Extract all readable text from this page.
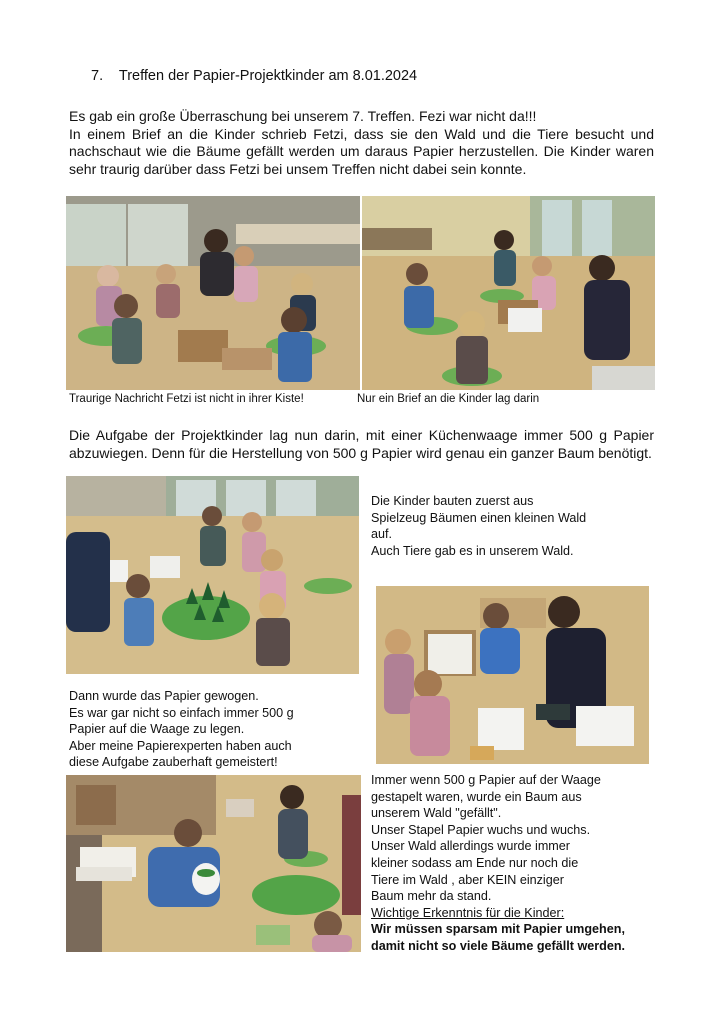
7. Treffen der Papier-Projektkinder am 8.01.2024
Es gab ein große Überraschung bei unserem 7. Treffen. Fezi war nicht da!!!
In einem Brief an die Kinder schrieb Fetzi, dass sie den Wald und die Tiere besucht und nachschaut wie die Bäume gefällt werden um daraus Papier herzustellen. Die Kinder waren sehr traurig darüber dass Fetzi bei unsem Treffen nicht dabei sein konnte.
Traurige Nachricht Fetzi ist nicht in ihrer Kiste!	Nur ein Brief an die Kinder lag darin
Die Aufgabe der Projektkinder lag nun darin, mit einer Küchenwaage immer 500 g Papier abzuwiegen. Denn für die Herstellung von 500 g Papier wird genau ein ganzer Baum benötigt.
Die Kinder bauten zuerst aus
Spielzeug Bäumen einen kleinen Wald
auf.
Auch Tiere gab es in unserem Wald.
Dann wurde das Papier gewogen.
Es war gar nicht so einfach immer 500 g
Papier auf die Waage zu legen.
Aber meine Papierexperten haben auch
diese Aufgabe zauberhaft gemeistert!
Immer wenn 500 g Papier auf der Waage
gestapelt waren, wurde ein Baum aus
unserem Wald "gefällt".
Unser Stapel Papier wuchs und wuchs.
Unser Wald allerdings wurde immer
kleiner sodass am Ende nur noch die
Tiere im Wald , aber KEIN einziger
Baum mehr da stand.
Wichtige Erkenntnis für die Kinder:
Wir müssen sparsam mit Papier umgehen,
damit nicht so viele Bäume gefällt werden.
